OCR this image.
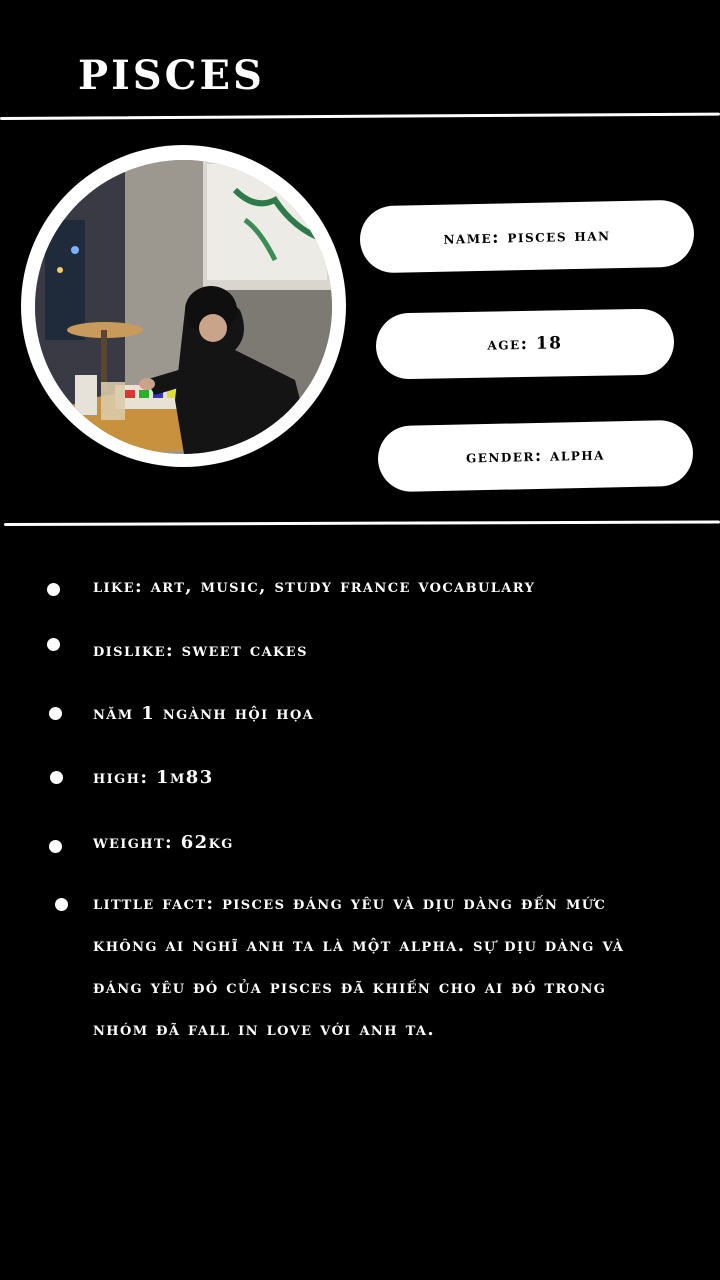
PISCES
name: pisces han
age: 18
gender: alpha
like: art, music, study france vocabulary
dislike: sweet cakes
năm 1 ngành hội họa
high: 1m83
weight: 62kg
little fact: pisces đáng yêu và dịu dàng đến mức không ai nghĩ anh ta là một alpha. sự dịu dàng và đáng yêu đó của pisces đã khiến cho ai đó trong nhóm đã fall in love với anh ta.
